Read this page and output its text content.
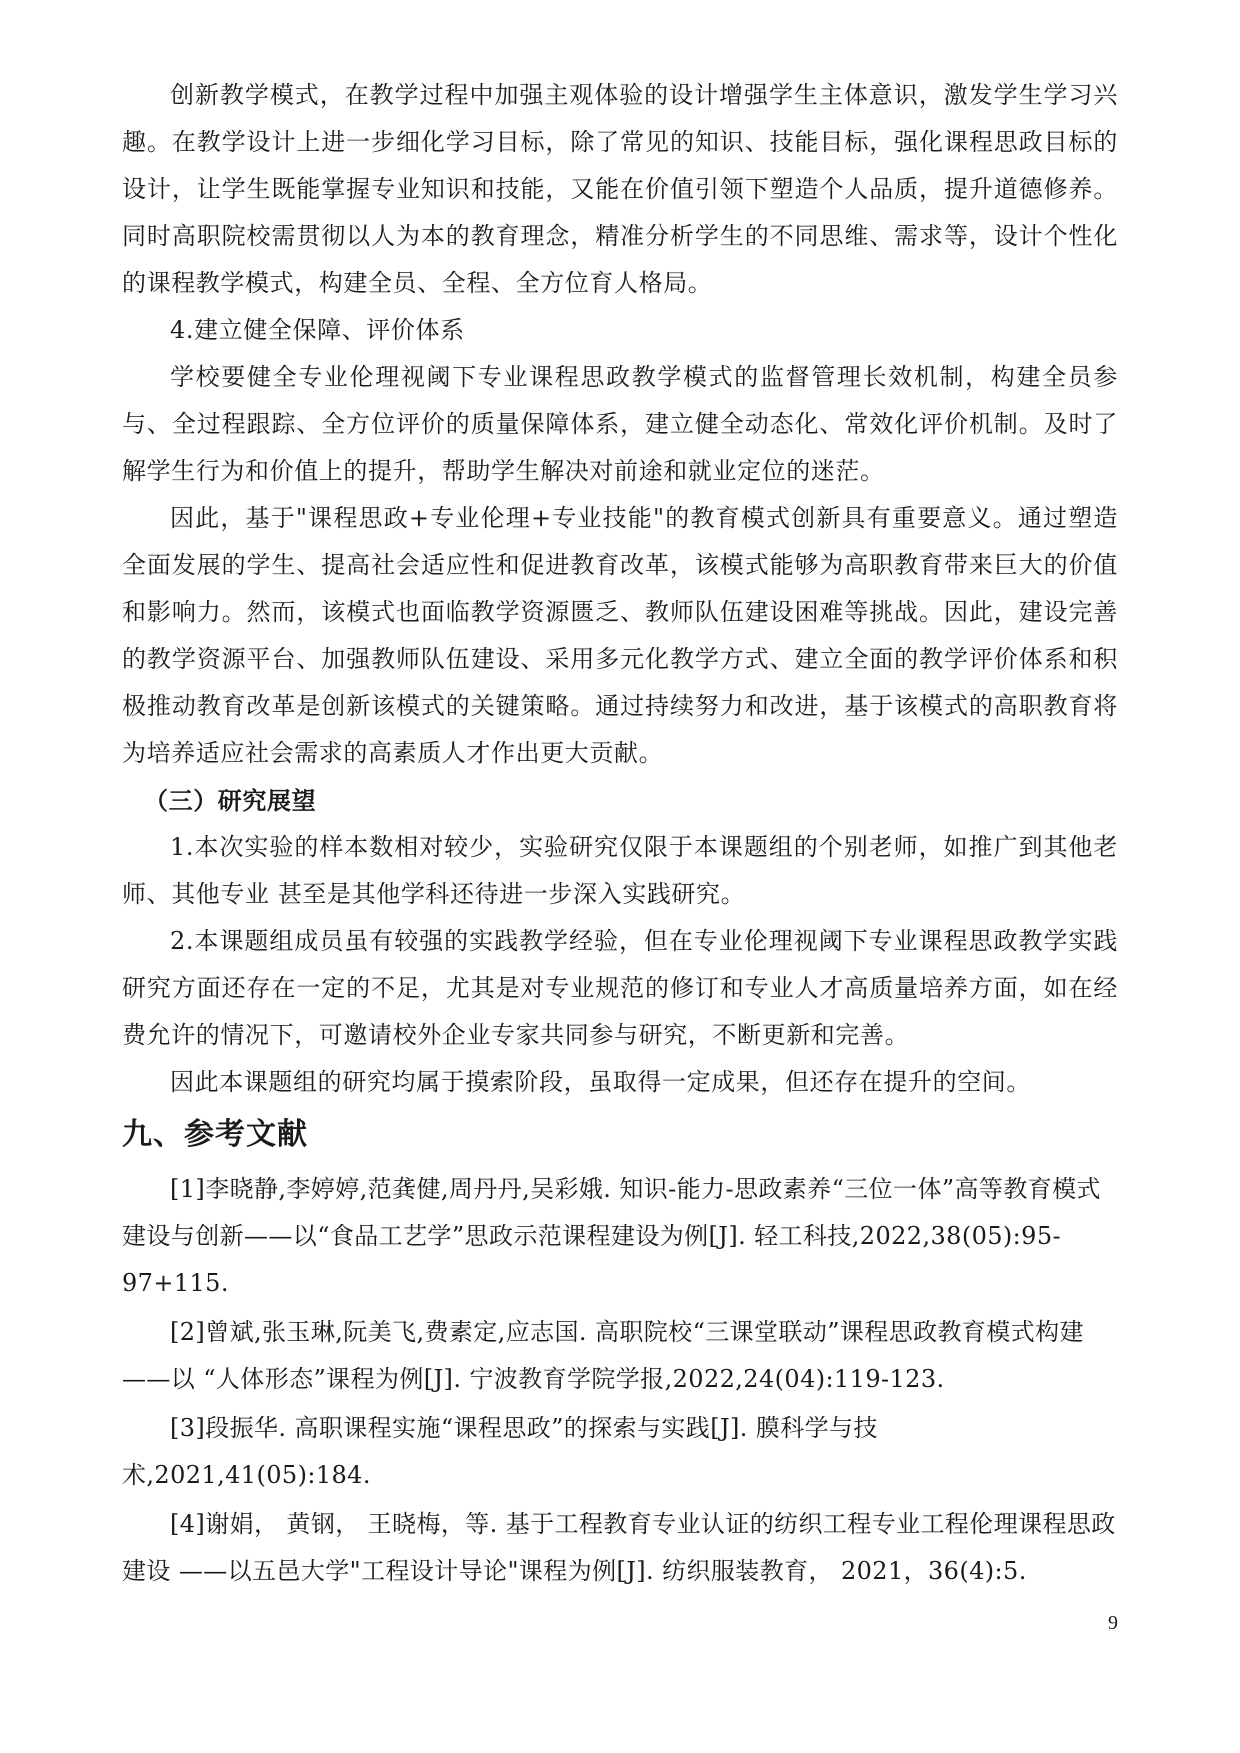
创新教学模式，在教学过程中加强主观体验的设计增强学生主体意识，激发学生学习兴趣。在教学设计上进一步细化学习目标，除了常见的知识、技能目标，强化课程思政目标的设计，让学生既能掌握专业知识和技能，又能在价值引领下塑造个人品质，提升道德修养。同时高职院校需贯彻以人为本的教育理念，精准分析学生的不同思维、需求等，设计个性化的课程教学模式，构建全员、全程、全方位育人格局。

4.建立健全保障、评价体系

学校要健全专业伦理视阈下专业课程思政教学模式的监督管理长效机制，构建全员参与、全过程跟踪、全方位评价的质量保障体系，建立健全动态化、常效化评价机制。及时了解学生行为和价值上的提升，帮助学生解决对前途和就业定位的迷茫。

因此，基于"课程思政+专业伦理+专业技能"的教育模式创新具有重要意义。通过塑造全面发展的学生、提高社会适应性和促进教育改革，该模式能够为高职教育带来巨大的价值和影响力。然而，该模式也面临教学资源匮乏、教师队伍建设困难等挑战。因此，建设完善的教学资源平台、加强教师队伍建设、采用多元化教学方式、建立全面的教学评价体系和积极推动教育改革是创新该模式的关键策略。通过持续努力和改进，基于该模式的高职教育将为培养适应社会需求的高素质人才作出更大贡献。

（三）研究展望

1.本次实验的样本数相对较少，实验研究仅限于本课题组的个别老师，如推广到其他老师、其他专业 甚至是其他学科还待进一步深入实践研究。

2.本课题组成员虽有较强的实践教学经验，但在专业伦理视阈下专业课程思政教学实践研究方面还存在一定的不足，尤其是对专业规范的修订和专业人才高质量培养方面，如在经费允许的情况下，可邀请校外企业专家共同参与研究，不断更新和完善。

因此本课题组的研究均属于摸索阶段，虽取得一定成果，但还存在提升的空间。

九、参考文献

[1]李晓静,李婷婷,范龚健,周丹丹,吴彩娥. 知识-能力-思政素养“三位一体”高等教育模式建设与创新——以“食品工艺学”思政示范课程建设为例[J]. 轻工科技,2022,38(05):95-97+115.

[2]曾斌,张玉琳,阮美飞,费素定,应志国. 高职院校“三课堂联动”课程思政教育模式构建——以 “人体形态”课程为例[J]. 宁波教育学院学报,2022,24(04):119-123.

[3]段振华. 高职课程实施“课程思政”的探索与实践[J]. 膜科学与技术,2021,41(05):184.

[4]谢娟， 黄钢， 王晓梅，等. 基于工程教育专业认证的纺织工程专业工程伦理课程思政建设 ——以五邑大学"工程设计导论"课程为例[J]. 纺织服装教育， 2021，36(4):5.

9
